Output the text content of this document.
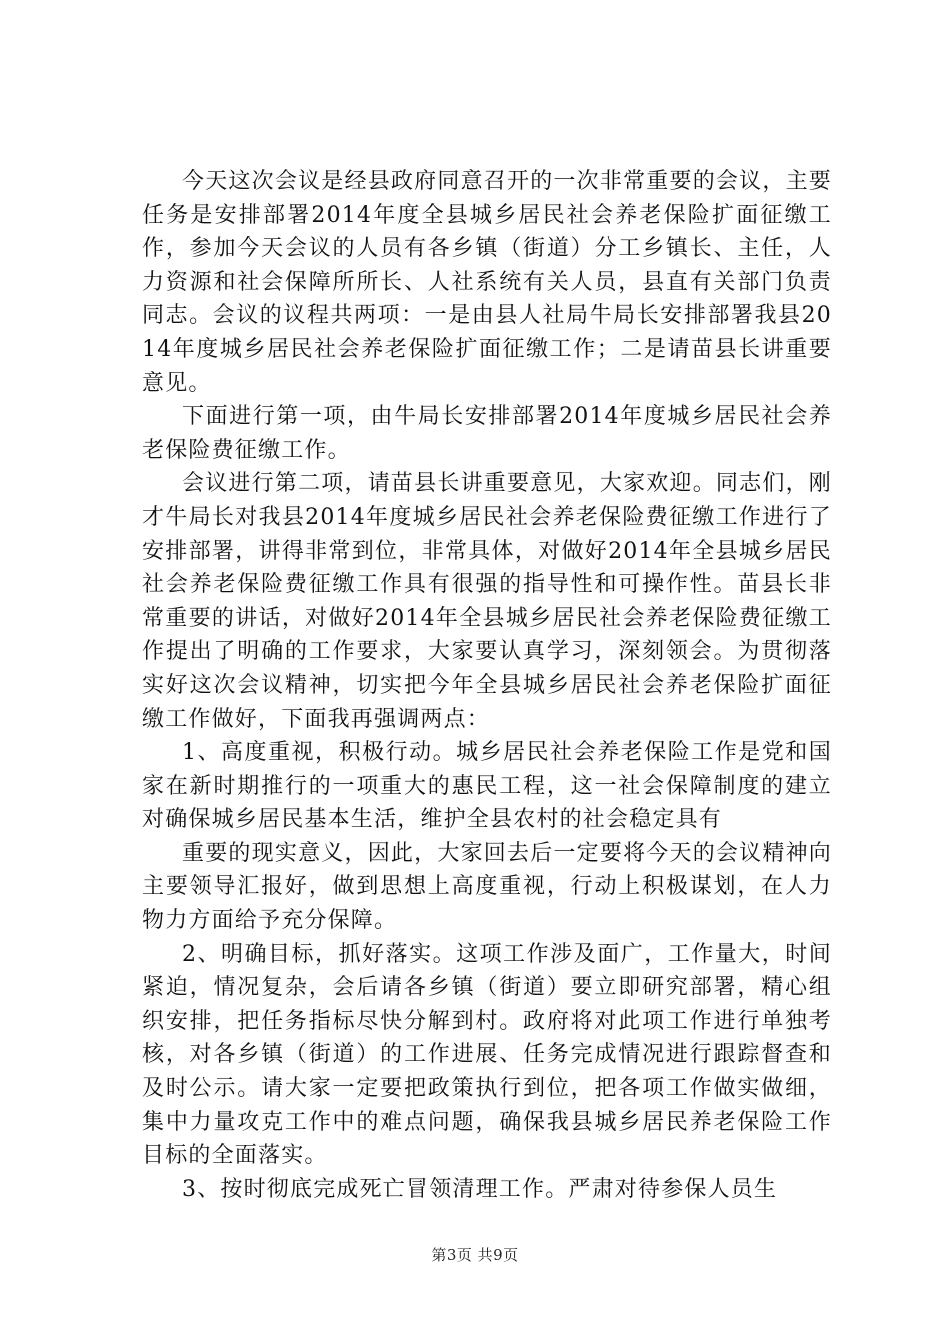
今天这次会议是经县政府同意召开的一次非常重要的会议，主要任务是安排部署2014年度全县城乡居民社会养老保险扩面征缴工作，参加今天会议的人员有各乡镇（街道）分工乡镇长、主任，人力资源和社会保障所所长、人社系统有关人员，县直有关部门负责同志。会议的议程共两项：一是由县人社局牛局长安排部署我县2014年度城乡居民社会养老保险扩面征缴工作；二是请苗县长讲重要意见。

下面进行第一项，由牛局长安排部署2014年度城乡居民社会养老保险费征缴工作。

会议进行第二项，请苗县长讲重要意见，大家欢迎。同志们，刚才牛局长对我县2014年度城乡居民社会养老保险费征缴工作进行了安排部署，讲得非常到位，非常具体，对做好2014年全县城乡居民社会养老保险费征缴工作具有很强的指导性和可操作性。苗县长非常重要的讲话，对做好2014年全县城乡居民社会养老保险费征缴工作提出了明确的工作要求，大家要认真学习，深刻领会。为贯彻落实好这次会议精神，切实把今年全县城乡居民社会养老保险扩面征缴工作做好，下面我再强调两点：

1、高度重视，积极行动。城乡居民社会养老保险工作是党和国家在新时期推行的一项重大的惠民工程，这一社会保障制度的建立对确保城乡居民基本生活，维护全县农村的社会稳定具有

重要的现实意义，因此，大家回去后一定要将今天的会议精神向主要领导汇报好，做到思想上高度重视，行动上积极谋划，在人力物力方面给予充分保障。

2、明确目标，抓好落实。这项工作涉及面广，工作量大，时间紧迫，情况复杂，会后请各乡镇（街道）要立即研究部署，精心组织安排，把任务指标尽快分解到村。政府将对此项工作进行单独考核，对各乡镇（街道）的工作进展、任务完成情况进行跟踪督查和及时公示。请大家一定要把政策执行到位，把各项工作做实做细，集中力量攻克工作中的难点问题，确保我县城乡居民养老保险工作目标的全面落实。

3、按时彻底完成死亡冒领清理工作。严肃对待参保人员生

第3页 共9页
